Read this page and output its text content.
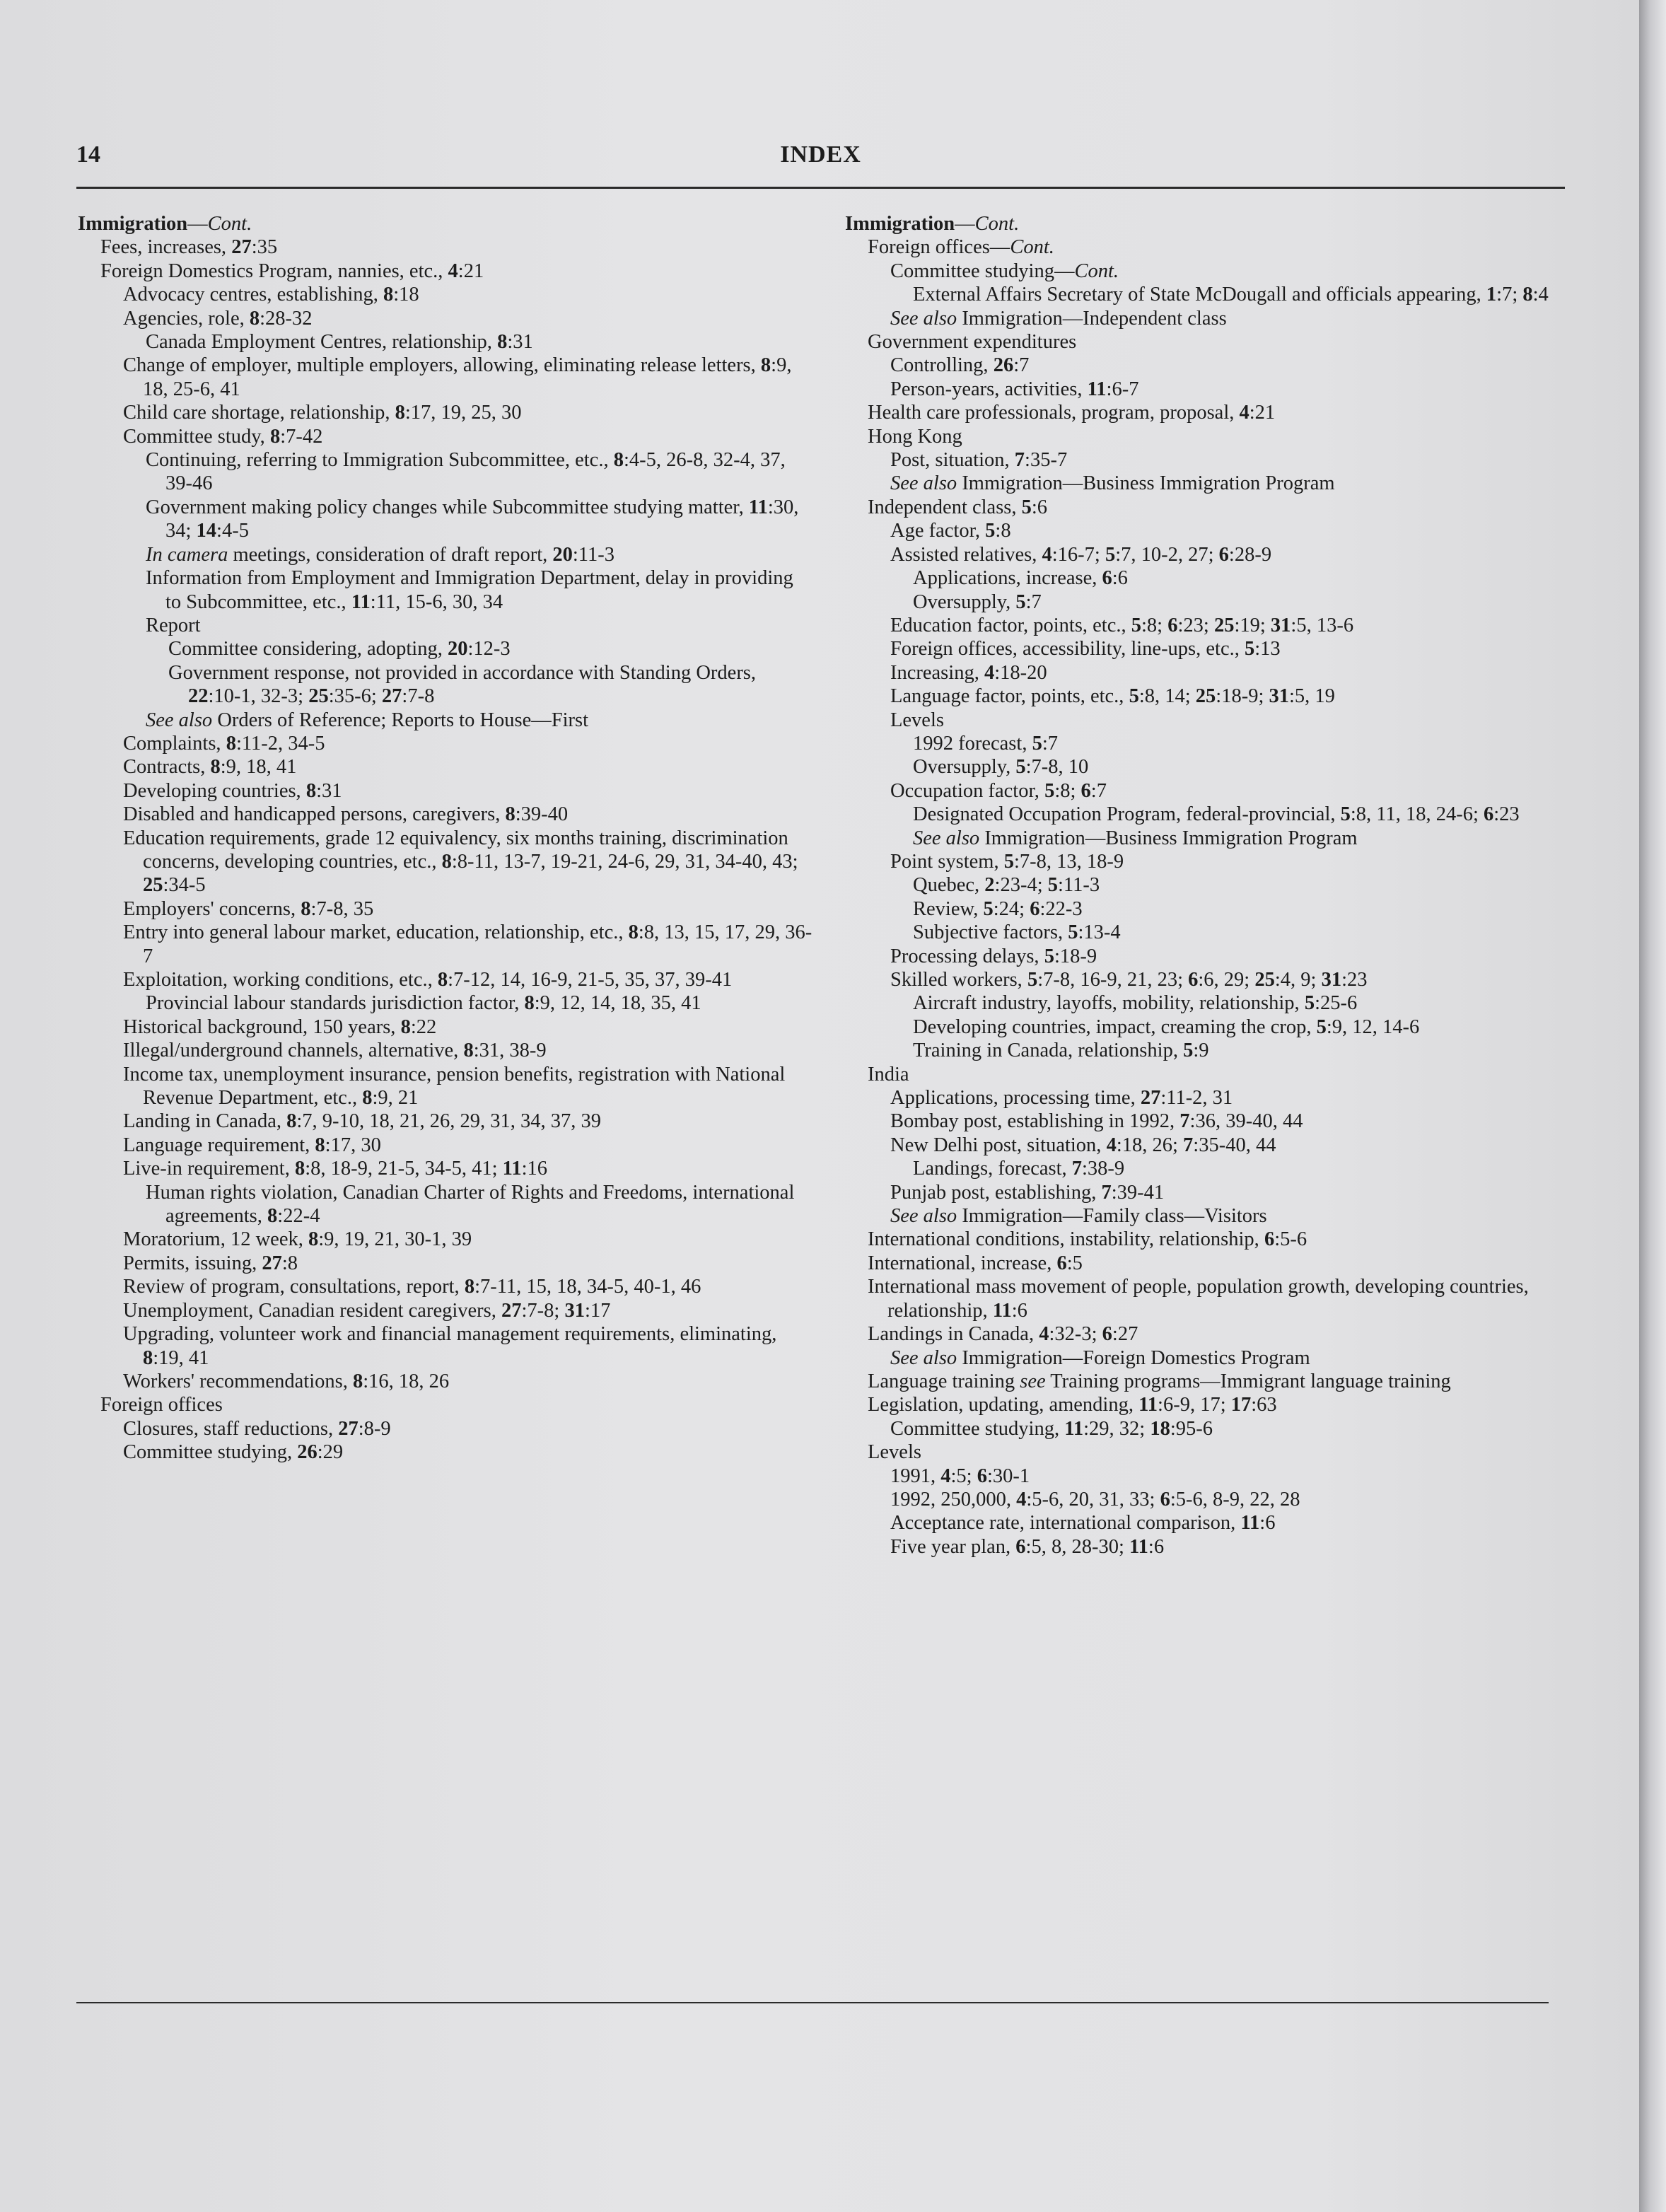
14	INDEX

Immigration—Cont.

Fees, increases, 27:35

Foreign Domestics Program, nannies, etc., 4:21

Advocacy centres, establishing, 8:18

Agencies, role, 8:28-32

Canada Employment Centres, relationship, 8:31

Change of employer, multiple employers, allowing, eliminating release letters, 8:9, 18, 25-6, 41

Child care shortage, relationship, 8:17, 19, 25, 30

Committee study, 8:7-42

Continuing, referring to Immigration Subcommittee, etc., 8:4-5, 26-8, 32-4, 37, 39-46

Government making policy changes while Subcommittee studying matter, 11:30, 34; 14:4-5

In camera meetings, consideration of draft report, 20:11-3

Information from Employment and Immigration Department, delay in providing to Subcommittee, etc., 11:11, 15-6, 30, 34

Report

Committee considering, adopting, 20:12-3

Government response, not provided in accordance with Standing Orders, 22:10-1, 32-3; 25:35-6; 27:7-8

See also Orders of Reference; Reports to House—First

Complaints, 8:11-2, 34-5

Contracts, 8:9, 18, 41

Developing countries, 8:31

Disabled and handicapped persons, caregivers, 8:39-40

Education requirements, grade 12 equivalency, six months training, discrimination concerns, developing countries, etc., 8:8-11, 13-7, 19-21, 24-6, 29, 31, 34-40, 43; 25:34-5

Employers' concerns, 8:7-8, 35

Entry into general labour market, education, relationship, etc., 8:8, 13, 15, 17, 29, 36-7

Exploitation, working conditions, etc., 8:7-12, 14, 16-9, 21-5, 35, 37, 39-41

Provincial labour standards jurisdiction factor, 8:9, 12, 14, 18, 35, 41

Historical background, 150 years, 8:22

Illegal/underground channels, alternative, 8:31, 38-9

Income tax, unemployment insurance, pension benefits, registration with National Revenue Department, etc., 8:9, 21

Landing in Canada, 8:7, 9-10, 18, 21, 26, 29, 31, 34, 37, 39

Language requirement, 8:17, 30

Live-in requirement, 8:8, 18-9, 21-5, 34-5, 41; 11:16

Human rights violation, Canadian Charter of Rights and Freedoms, international agreements, 8:22-4

Moratorium, 12 week, 8:9, 19, 21, 30-1, 39

Permits, issuing, 27:8

Review of program, consultations, report, 8:7-11, 15, 18, 34-5, 40-1, 46

Unemployment, Canadian resident caregivers, 27:7-8; 31:17

Upgrading, volunteer work and financial management requirements, eliminating, 8:19, 41

Workers' recommendations, 8:16, 18, 26

Foreign offices

Closures, staff reductions, 27:8-9

Committee studying, 26:29

Immigration—Cont.

Foreign offices—Cont.

Committee studying—Cont.

External Affairs Secretary of State McDougall and officials appearing, 1:7; 8:4

See also Immigration—Independent class

Government expenditures

Controlling, 26:7

Person-years, activities, 11:6-7

Health care professionals, program, proposal, 4:21

Hong Kong

Post, situation, 7:35-7

See also Immigration—Business Immigration Program

Independent class, 5:6

Age factor, 5:8

Assisted relatives, 4:16-7; 5:7, 10-2, 27; 6:28-9

Applications, increase, 6:6

Oversupply, 5:7

Education factor, points, etc., 5:8; 6:23; 25:19; 31:5, 13-6

Foreign offices, accessibility, line-ups, etc., 5:13

Increasing, 4:18-20

Language factor, points, etc., 5:8, 14; 25:18-9; 31:5, 19

Levels

1992 forecast, 5:7

Oversupply, 5:7-8, 10

Occupation factor, 5:8; 6:7

Designated Occupation Program, federal-provincial, 5:8, 11, 18, 24-6; 6:23

See also Immigration—Business Immigration Program

Point system, 5:7-8, 13, 18-9

Quebec, 2:23-4; 5:11-3

Review, 5:24; 6:22-3

Subjective factors, 5:13-4

Processing delays, 5:18-9

Skilled workers, 5:7-8, 16-9, 21, 23; 6:6, 29; 25:4, 9; 31:23

Aircraft industry, layoffs, mobility, relationship, 5:25-6

Developing countries, impact, creaming the crop, 5:9, 12, 14-6

Training in Canada, relationship, 5:9

India

Applications, processing time, 27:11-2, 31

Bombay post, establishing in 1992, 7:36, 39-40, 44

New Delhi post, situation, 4:18, 26; 7:35-40, 44

Landings, forecast, 7:38-9

Punjab post, establishing, 7:39-41

See also Immigration—Family class—Visitors

International conditions, instability, relationship, 6:5-6

International, increase, 6:5

International mass movement of people, population growth, developing countries, relationship, 11:6

Landings in Canada, 4:32-3; 6:27

See also Immigration—Foreign Domestics Program

Language training see Training programs—Immigrant language training

Legislation, updating, amending, 11:6-9, 17; 17:63

Committee studying, 11:29, 32; 18:95-6

Levels

1991, 4:5; 6:30-1

1992, 250,000, 4:5-6, 20, 31, 33; 6:5-6, 8-9, 22, 28

Acceptance rate, international comparison, 11:6

Five year plan, 6:5, 8, 28-30; 11:6
